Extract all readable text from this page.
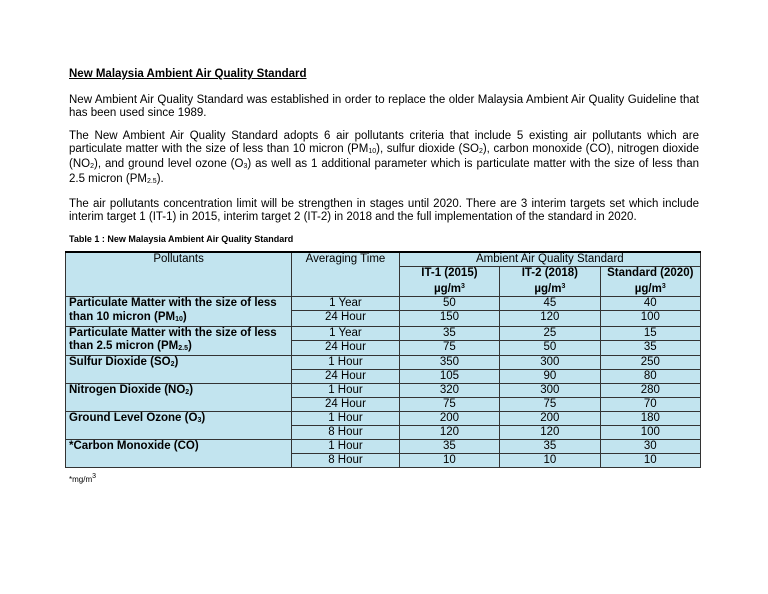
New Malaysia Ambient Air Quality Standard

New Ambient Air Quality Standard was established in order to replace the older Malaysia Ambient Air Quality Guideline that has been used since 1989.

The New Ambient Air Quality Standard adopts 6 air pollutants criteria that include 5 existing air pollutants which are particulate matter with the size of less than 10 micron $(PM_{10})$, sulfur dioxide $(SO_2)$, carbon monoxide (CO), nitrogen dioxide $(NO_2)$, and ground level ozone $(O_3)$ as well as 1 additional parameter which is particulate matter with the size of less than 2.5 micron $(PM_{2.5})$.

The air pollutants concentration limit will be strengthen in stages until 2020. There are 3 interim targets set which include interim target 1 (IT-1) in 2015, interim target 2 (IT-2) in 2018 and the full implementation of the standard in 2020.

Table 1 : New Malaysia Ambient Air Quality Standard
Pollutants	Averaging Time	Ambient Air Quality Standard		
		IT-1 (2015)	IT-2 (2018)	Standard (2020)
		$\mu g/m^3$	$\mu g/m^3$	$\mu g/m^3$
Particulate Matter with the size of less	1 Year	50	45	40
than 10 micron $(PM_{10})$	24 Hour	150	120	100
Particulate Matter with the size of less	1 Year	35	25	15
than 2.5 micron $(PM_{2.5})$	24 Hour	75	50	35
Sulfur Dioxide $(SO_2)$	1 Hour	350	300	250
	24 Hour	105	90	80
Nitrogen Dioxide $(NO_2)$	1 Hour	320	300	280
	24 Hour	75	75	70
Ground Level Ozone $(O_3)$	1 Hour	200	200	180
	8 Hour	120	120	100
*Carbon Monoxide (CO)	1 Hour	35	35	30
	8 Hour	10	10	10
$*mg/m^3$
